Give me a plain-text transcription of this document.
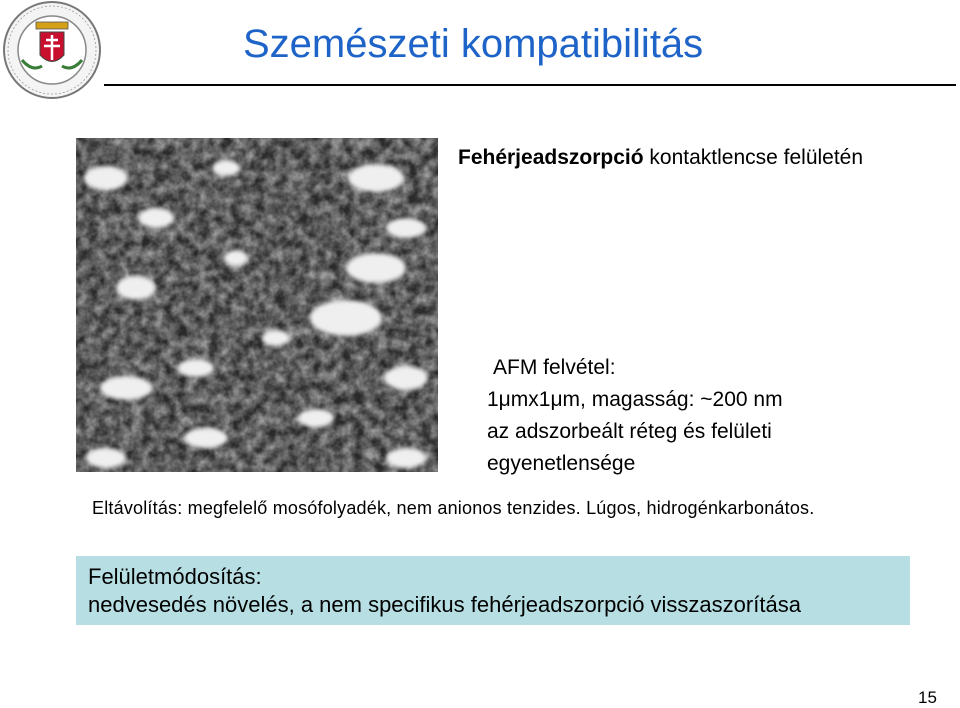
Szemészeti kompatibilitás
Fehérjeadszorpció kontaktlencse felületén
AFM felvétel:
1μmx1μm, magasság: ~200 nm
az adszorbeált réteg és felületi
egyenetlensége
Eltávolítás: megfelelő mosófolyadék, nem anionos tenzides. Lúgos, hidrogénkarbonátos.
Felületmódosítás:
nedvesedés növelés, a nem specifikus fehérjeadszorpció visszaszorítása
15
